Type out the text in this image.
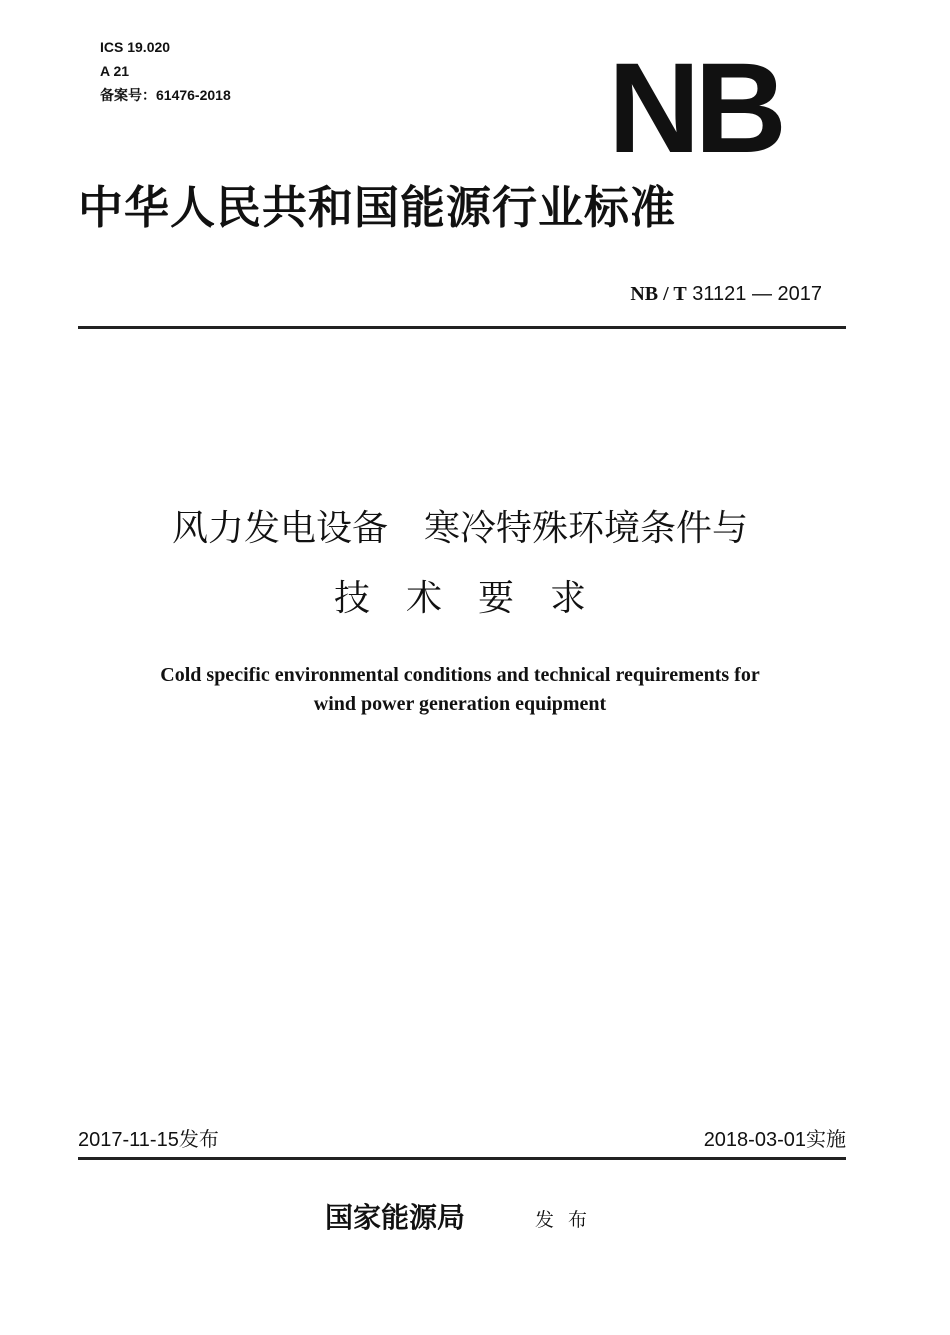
ICS 19.020
A 21
备案号：61476-2018	NB
中华人民共和国能源行业标准
NB / T 31121 — 2017
风力发电设备　寒冷特殊环境条件与
技　术　要　求
Cold specific environmental conditions and technical requirements for
wind power generation equipment
2017-11-15发布	2018-03-01实施
国家能源局	发布
